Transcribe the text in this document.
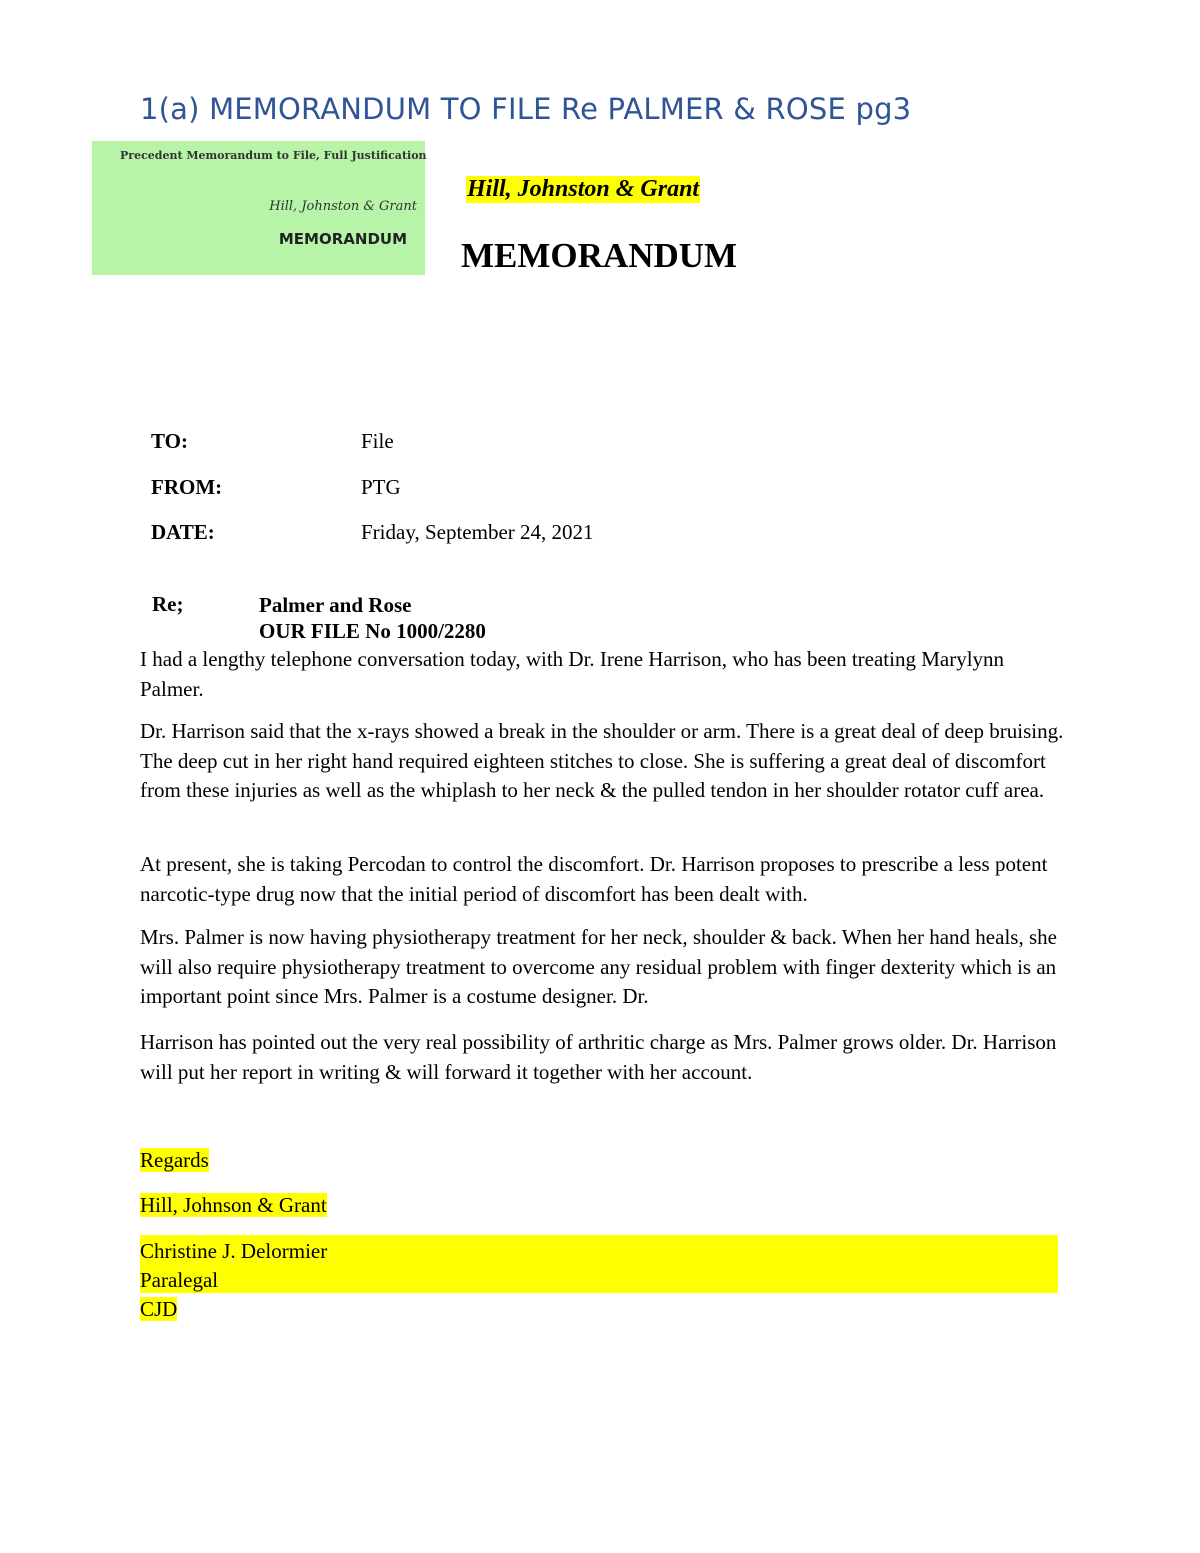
1(a) MEMORANDUM TO FILE Re PALMER & ROSE pg3
Precedent Memorandum to File, Full Justification
Hill, Johnston & Grant
MEMORANDUM
Hill, Johnston & Grant
MEMORANDUM
TO:	File
FROM:	PTG
DATE:	Friday, September 24, 2021
Re;	Palmer and Rose
OUR FILE No 1000/2280

I had a lengthy telephone conversation today, with Dr. Irene Harrison, who has been treating Marylynn Palmer.

Dr. Harrison said that the x-rays showed a break in the shoulder or arm. There is a great deal of deep bruising. The deep cut in her right hand required eighteen stitches to close. She is suffering a great deal of discomfort from these injuries as well as the whiplash to her neck & the pulled tendon in her shoulder rotator cuff area.

At present, she is taking Percodan to control the discomfort. Dr. Harrison proposes to prescribe a less potent narcotic-type drug now that the initial period of discomfort has been dealt with.

Mrs. Palmer is now having physiotherapy treatment for her neck, shoulder & back. When her hand heals, she will also require physiotherapy treatment to overcome any residual problem with finger dexterity which is an important point since Mrs. Palmer is a costume designer. Dr.

Harrison has pointed out the very real possibility of arthritic charge as Mrs. Palmer grows older. Dr. Harrison will put her report in writing & will forward it together with her account.

Regards
Hill, Johnson & Grant
Christine J. Delormier
Paralegal
CJD
